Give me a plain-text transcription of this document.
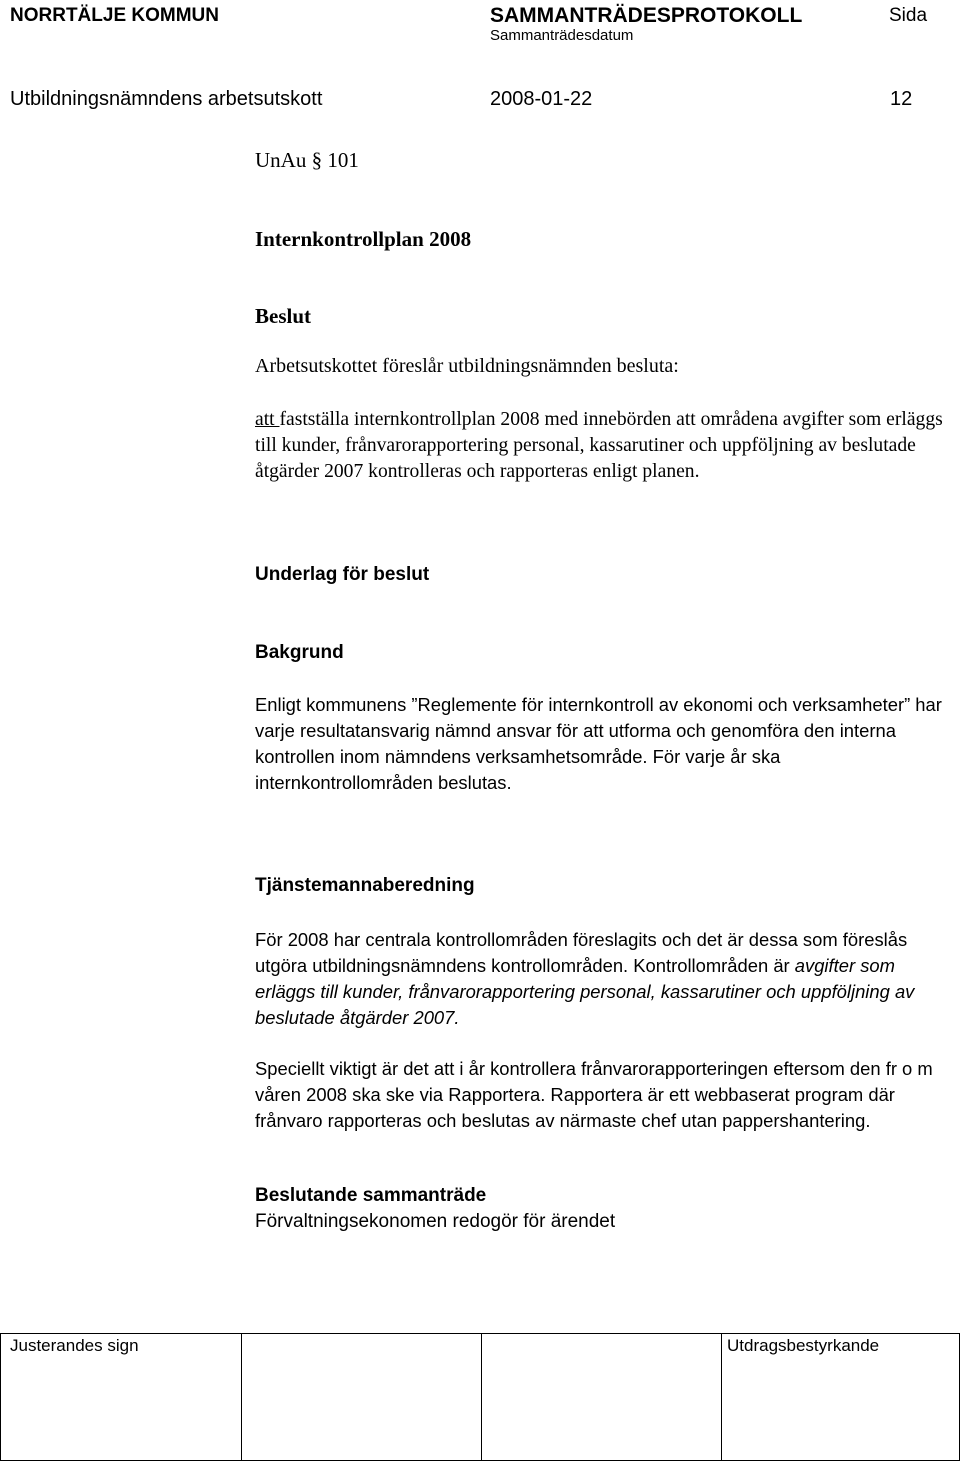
NORRTÄLJE KOMMUN	SAMMANTRÄDESPROTOKOLL
Sammanträdesdatum
Sida
Utbildningsnämndens arbetsutskott	2008-01-22	12
UnAu § 101
Internkontrollplan 2008
Beslut
Arbetsutskottet föreslår utbildningsnämnden besluta:
att fastställa internkontrollplan 2008 med innebörden att områdena avgifter som erläggs till kunder, frånvarorapportering personal, kassarutiner och uppföljning av beslutade åtgärder 2007 kontrolleras och rapporteras enligt planen.
Underlag för beslut
Bakgrund
Enligt kommunens ”Reglemente för internkontroll av ekonomi och verksamheter” har varje resultatansvarig nämnd ansvar för att utforma och genomföra den interna kontrollen inom nämndens verksamhetsområde. För varje år ska internkontrollområden beslutas.
Tjänstemannaberedning
För 2008 har centrala kontrollområden föreslagits och det är dessa som föreslås utgöra utbildningsnämndens kontrollområden. Kontrollområden är avgifter som erläggs till kunder, frånvarorapportering personal, kassarutiner och uppföljning av beslutade åtgärder 2007.
Speciellt viktigt är det att i år kontrollera frånvarorapporteringen eftersom den fr o m våren 2008 ska ske via Rapportera. Rapportera är ett webbaserat program där frånvaro rapporteras och beslutas av närmaste chef utan pappershantering.
Beslutande sammanträde
Förvaltningsekonomen redogör för ärendet
Justerandes sign	Utdragsbestyrkande
